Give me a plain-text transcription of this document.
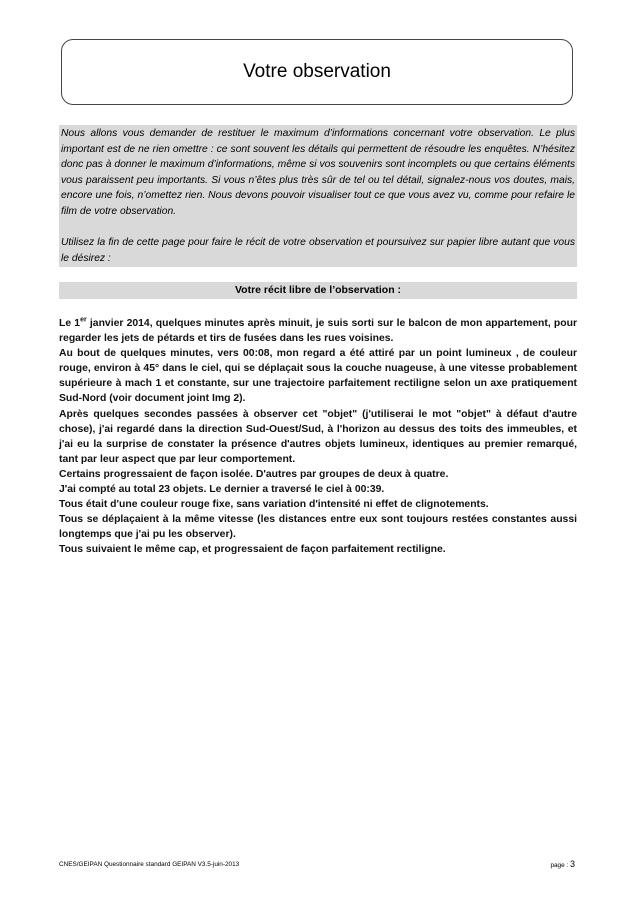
Votre observation

Nous allons vous demander de restituer le maximum d’informations concernant votre observation. Le plus important est de ne rien omettre : ce sont souvent les détails qui permettent de résoudre les enquêtes. N’hésitez donc pas à donner le maximum d’informations, même si vos souvenirs sont incomplets ou que certains éléments vous paraissent peu importants. Si vous n’êtes plus très sûr de tel ou tel détail, signalez-nous vos doutes, mais, encore une fois, n’omettez rien. Nous devons pouvoir visualiser tout ce que vous avez vu, comme pour refaire le film de votre observation.

Utilisez la fin de cette page pour faire le récit de votre observation et poursuivez sur papier libre autant que vous le désirez :

Votre récit libre de l’observation :

Le 1er janvier 2014, quelques minutes après minuit, je suis sorti sur le balcon de mon appartement, pour regarder les jets de pétards et tirs de fusées dans les rues voisines.

Au bout de quelques minutes, vers 00:08, mon regard a été attiré par un point lumineux , de couleur rouge, environ à 45° dans le ciel, qui se déplaçait sous la couche nuageuse, à une vitesse probablement supérieure à mach 1 et constante, sur une trajectoire parfaitement rectiligne selon un axe pratiquement Sud-Nord (voir document joint Img 2).

Après quelques secondes passées à observer cet "objet" (j'utiliserai le mot "objet" à défaut d'autre chose), j'ai regardé dans la direction Sud-Ouest/Sud, à l'horizon au dessus des toits des immeubles, et j'ai eu la surprise de constater la présence d'autres objets lumineux, identiques au premier remarqué, tant par leur aspect que par leur comportement.

Certains progressaient de façon isolée. D'autres par groupes de deux à quatre.

J'ai compté au total 23 objets. Le dernier a traversé le ciel à 00:39.

Tous était d'une couleur rouge fixe, sans variation d'intensité ni effet de clignotements.

Tous se déplaçaient à la même vitesse (les distances entre eux sont toujours restées constantes aussi longtemps que j'ai pu les observer).

Tous suivaient le même cap, et progressaient de façon parfaitement rectiligne.

CNES/GEIPAN Questionnaire standard GEIPAN V3.5-juin-2013	page : 3
